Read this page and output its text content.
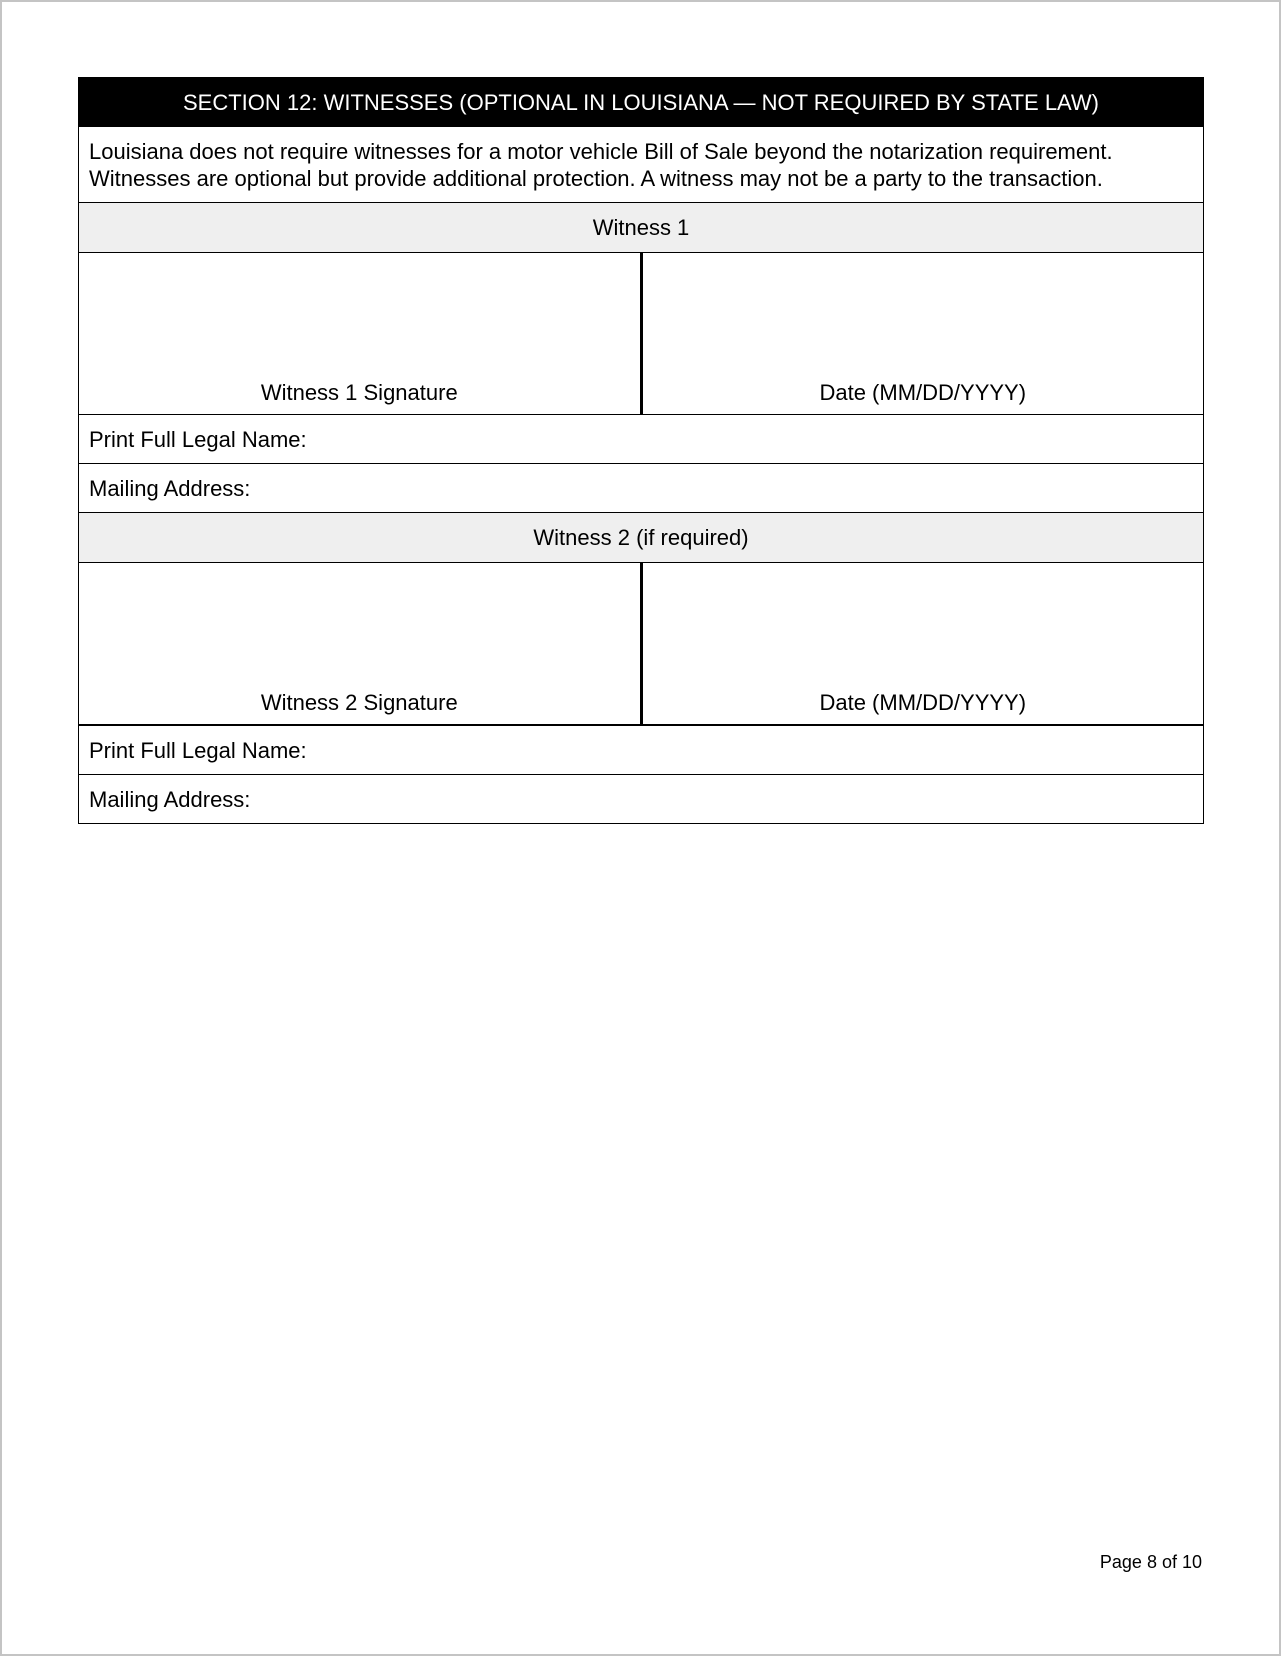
SECTION 12: WITNESSES (OPTIONAL IN LOUISIANA — NOT REQUIRED BY STATE LAW)	

Louisiana does not require witnesses for a motor vehicle Bill of Sale beyond the notarization requirement.
Witnesses are optional but provide additional protection. A witness may not be a party to the transaction.	

Witness 1	

Witness 1 Signature	Date (MM/DD/YYYY)

Print Full Legal Name:	
Mailing Address:	
Witness 2 (if required)	

Witness 2 Signature	Date (MM/DD/YYYY)

Print Full Legal Name:	
Mailing Address:	
Page 8 of 10
